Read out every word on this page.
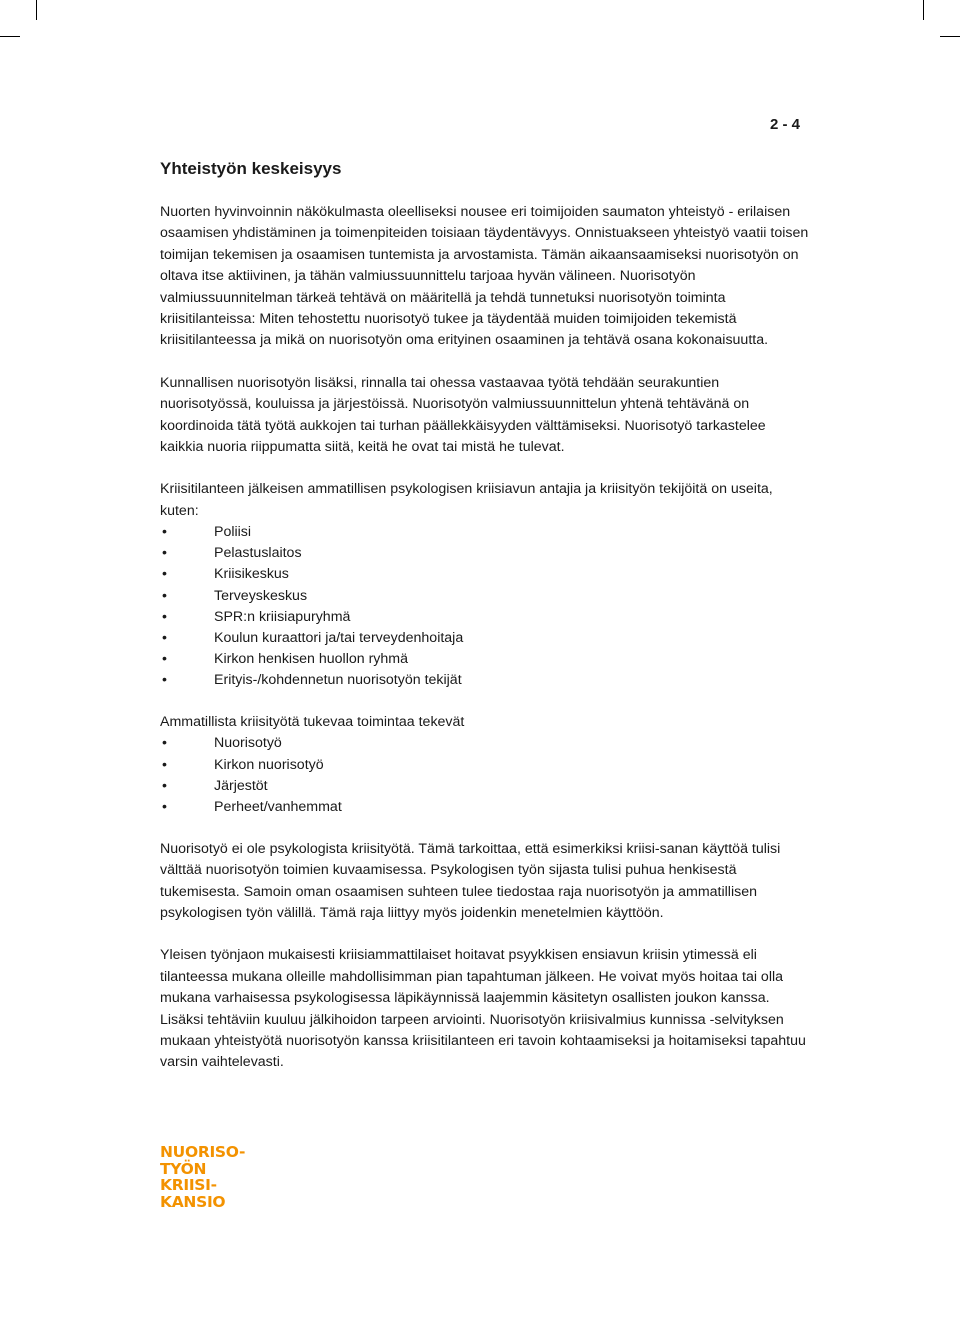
2 - 4
Yhteistyön keskeisyys

Nuorten hyvinvoinnin näkökulmasta oleelliseksi nousee eri toimijoiden saumaton yhteistyö - erilaisen osaamisen yhdistäminen ja toimenpiteiden toisiaan täydentävyys. Onnistuakseen yhteistyö vaatii toisen toimijan tekemisen ja osaamisen tuntemista ja arvostamista. Tämän aikaansaamiseksi nuorisotyön on oltava itse aktiivinen, ja tähän valmiussuunnittelu tarjoaa hyvän välineen. Nuorisotyön valmiussuunnitelman tärkeä tehtävä on määritellä ja tehdä tunnetuksi nuorisotyön toiminta kriisitilanteissa: Miten tehostettu nuorisotyö tukee ja täydentää muiden toimijoiden tekemistä kriisitilanteessa ja mikä on nuorisotyön oma erityinen osaaminen ja tehtävä osana kokonaisuutta.

Kunnallisen nuorisotyön lisäksi, rinnalla tai ohessa vastaavaa työtä tehdään seurakuntien nuorisotyössä, kouluissa ja järjestöissä. Nuorisotyön valmiussuunnittelun yhtenä tehtävänä on koordinoida tätä työtä aukkojen tai turhan päällekkäisyyden välttämiseksi. Nuorisotyö tarkastelee kaikkia nuoria riippumatta siitä, keitä he ovat tai mistä he tulevat.

Kriisitilanteen jälkeisen ammatillisen psykologisen kriisiavun antajia ja kriisityön tekijöitä on useita, kuten:

•	Poliisi
•	Pelastuslaitos
•	Kriisikeskus
•	Terveyskeskus
•	SPR:n kriisiapuryhmä
•	Koulun kuraattori ja/tai terveydenhoitaja
•	Kirkon henkisen huollon ryhmä
•	Erityis-/kohdennetun nuorisotyön tekijät

Ammatillista kriisityötä tukevaa toimintaa tekevät

•	Nuorisotyö
•	Kirkon nuorisotyö
•	Järjestöt
•	Perheet/vanhemmat

Nuorisotyö ei ole psykologista kriisityötä. Tämä tarkoittaa, että esimerkiksi kriisi-sanan käyttöä tulisi välttää nuorisotyön toimien kuvaamisessa. Psykologisen työn sijasta tulisi puhua henkisestä tukemisesta. Samoin oman osaamisen suhteen tulee tiedostaa raja nuorisotyön ja ammatillisen psykologisen työn välillä. Tämä raja liittyy myös joidenkin menetelmien käyttöön.

Yleisen työnjaon mukaisesti kriisiammattilaiset hoitavat psyykkisen ensiavun kriisin ytimessä eli tilanteessa mukana olleille mahdollisimman pian tapahtuman jälkeen. He voivat myös hoitaa tai olla mukana varhaisessa psykologisessa läpikäynnissä laajemmin käsitetyn osallisten joukon kanssa. Lisäksi tehtäviin kuuluu jälkihoidon tarpeen arviointi. Nuorisotyön kriisivalmius kunnissa -selvityksen mukaan yhteistyötä nuorisotyön kanssa kriisitilanteen eri tavoin kohtaamiseksi ja hoitamiseksi tapahtuu varsin vaihtelevasti.

NUORISO-
TYÖN
KRIISI-
KANSIO
